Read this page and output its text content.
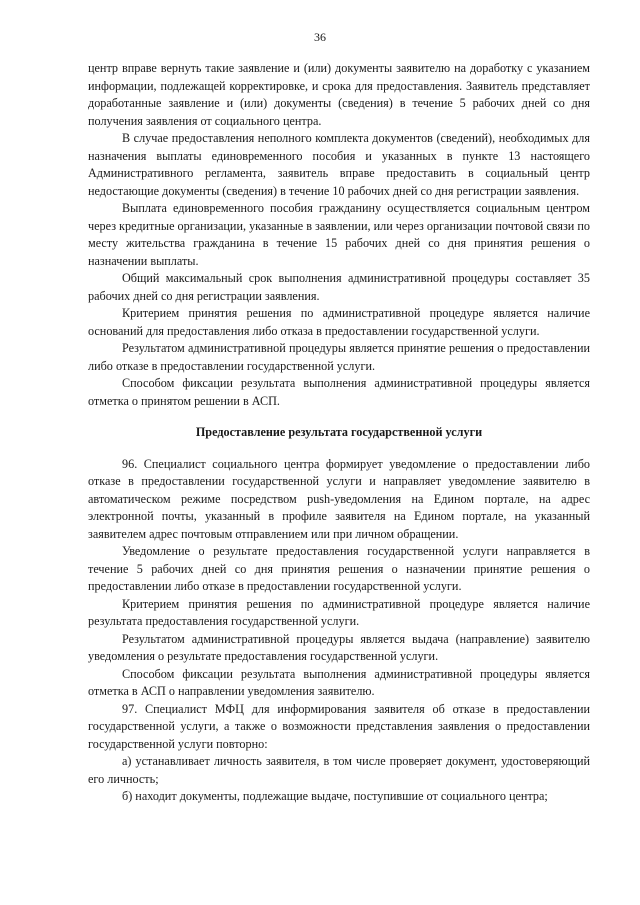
36

центр вправе вернуть такие заявление и (или) документы заявителю на доработку с указанием информации, подлежащей корректировке, и срока для предоставления. Заявитель представляет доработанные заявление и (или) документы (сведения) в течение 5 рабочих дней со дня получения заявления от социального центра.

В случае предоставления неполного комплекта документов (сведений), необходимых для назначения выплаты единовременного пособия и указанных в пункте 13 настоящего Административного регламента, заявитель вправе предоставить в социальный центр недостающие документы (сведения) в течение 10 рабочих дней со дня регистрации заявления.

Выплата единовременного пособия гражданину осуществляется социальным центром через кредитные организации, указанные в заявлении, или через организации почтовой связи по месту жительства гражданина в течение 15 рабочих дней со дня принятия решения о назначении выплаты.

Общий максимальный срок выполнения административной процедуры составляет 35 рабочих дней со дня регистрации заявления.

Критерием принятия решения по административной процедуре является наличие оснований для предоставления либо отказа в предоставлении государственной услуги.

Результатом административной процедуры является принятие решения о предоставлении либо отказе в предоставлении государственной услуги.

Способом фиксации результата выполнения административной процедуры является отметка о принятом решении в АСП.

Предоставление результата государственной услуги

96. Специалист социального центра формирует уведомление о предоставлении либо отказе в предоставлении государственной услуги и направляет уведомление заявителю в автоматическом режиме посредством push-уведомления на Едином портале, на адрес электронной почты, указанный в профиле заявителя на Едином портале, на указанный заявителем адрес почтовым отправлением или при личном обращении.

Уведомление о результате предоставления государственной услуги направляется в течение 5 рабочих дней со дня принятия решения о назначении принятие решения о предоставлении либо отказе в предоставлении государственной услуги.

Критерием принятия решения по административной процедуре является наличие результата предоставления государственной услуги.

Результатом административной процедуры является выдача (направление) заявителю уведомления о результате предоставления государственной услуги.

Способом фиксации результата выполнения административной процедуры является отметка в АСП о направлении уведомления заявителю.

97. Специалист МФЦ для информирования заявителя об отказе в предоставлении государственной услуги, а также о возможности представления заявления о предоставлении государственной услуги повторно:

а) устанавливает личность заявителя, в том числе проверяет документ, удостоверяющий его личность;

б) находит документы, подлежащие выдаче, поступившие от социального центра;
